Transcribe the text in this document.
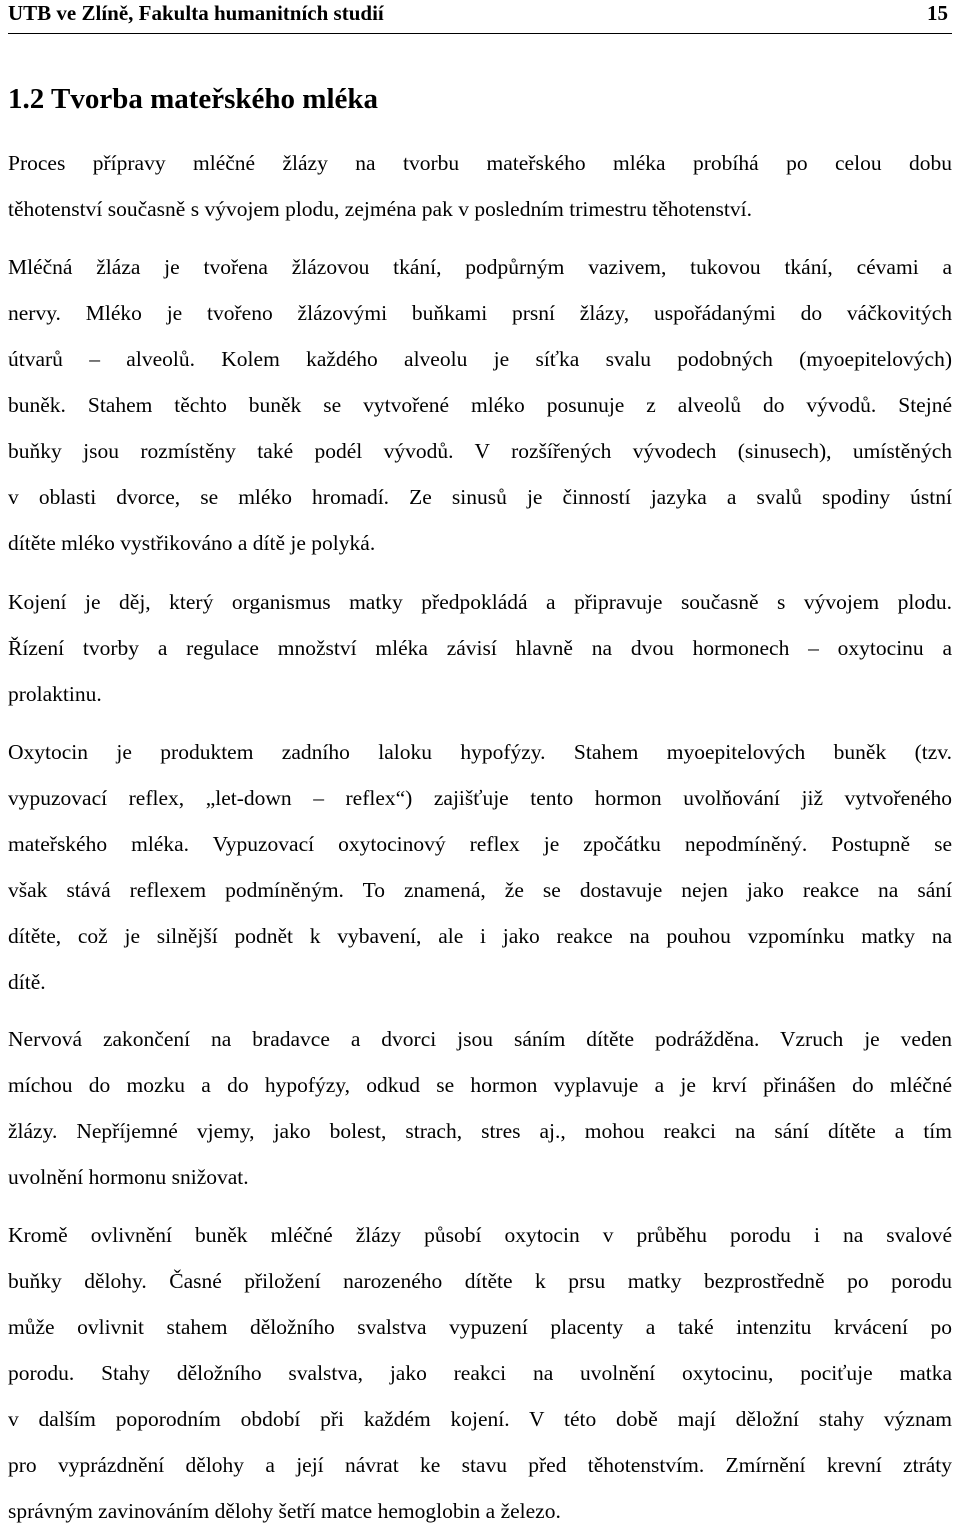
UTB ve Zlíně, Fakulta humanitních studií	15
1.2 Tvorba mateřského mléka

Proces přípravy mléčné žlázy na tvorbu mateřského mléka probíhá po celou dobu
těhotenství současně s vývojem plodu, zejména pak v posledním trimestru těhotenství.

Mléčná žláza je tvořena žlázovou tkání, podpůrným vazivem, tukovou tkání, cévami a
nervy. Mléko je tvořeno žlázovými buňkami prsní žlázy, uspořádanými do váčkovitých
útvarů – alveolů. Kolem každého alveolu je síťka svalu podobných (myoepitelových)
buněk. Stahem těchto buněk se vytvořené mléko posunuje z alveolů do vývodů. Stejné
buňky jsou rozmístěny také podél vývodů. V rozšířených vývodech (sinusech), umístěných
v oblasti dvorce, se mléko hromadí. Ze sinusů je činností jazyka a svalů spodiny ústní
dítěte mléko vystřikováno a dítě je polyká.

Kojení je děj, který organismus matky předpokládá a připravuje současně s vývojem plodu.
Řízení tvorby a regulace množství mléka závisí hlavně na dvou hormonech – oxytocinu a
prolaktinu.

Oxytocin je produktem zadního laloku hypofýzy. Stahem myoepitelových buněk (tzv.
vypuzovací reflex, „let-down – reflex“) zajišťuje tento hormon uvolňování již vytvořeného
mateřského mléka. Vypuzovací oxytocinový reflex je zpočátku nepodmíněný. Postupně se
však stává reflexem podmíněným. To znamená, že se dostavuje nejen jako reakce na sání
dítěte, což je silnější podnět k vybavení, ale i jako reakce na pouhou vzpomínku matky na
dítě.

Nervová zakončení na bradavce a dvorci jsou sáním dítěte podrážděna. Vzruch je veden
míchou do mozku a do hypofýzy, odkud se hormon vyplavuje a je krví přinášen do mléčné
žlázy. Nepříjemné vjemy, jako bolest, strach, stres aj., mohou reakci na sání dítěte a tím
uvolnění hormonu snižovat.

Kromě ovlivnění buněk mléčné žlázy působí oxytocin v průběhu porodu i na svalové
buňky dělohy. Časné přiložení narozeného dítěte k prsu matky bezprostředně po porodu
může ovlivnit stahem děložního svalstva vypuzení placenty a také intenzitu krvácení po
porodu. Stahy děložního svalstva, jako reakci na uvolnění oxytocinu, pociťuje matka
v dalším poporodním období při každém kojení. V této době mají děložní stahy význam
pro vyprázdnění dělohy a její návrat ke stavu před těhotenstvím. Zmírnění krevní ztráty
správným zavinováním dělohy šetří matce hemoglobin a železo.
